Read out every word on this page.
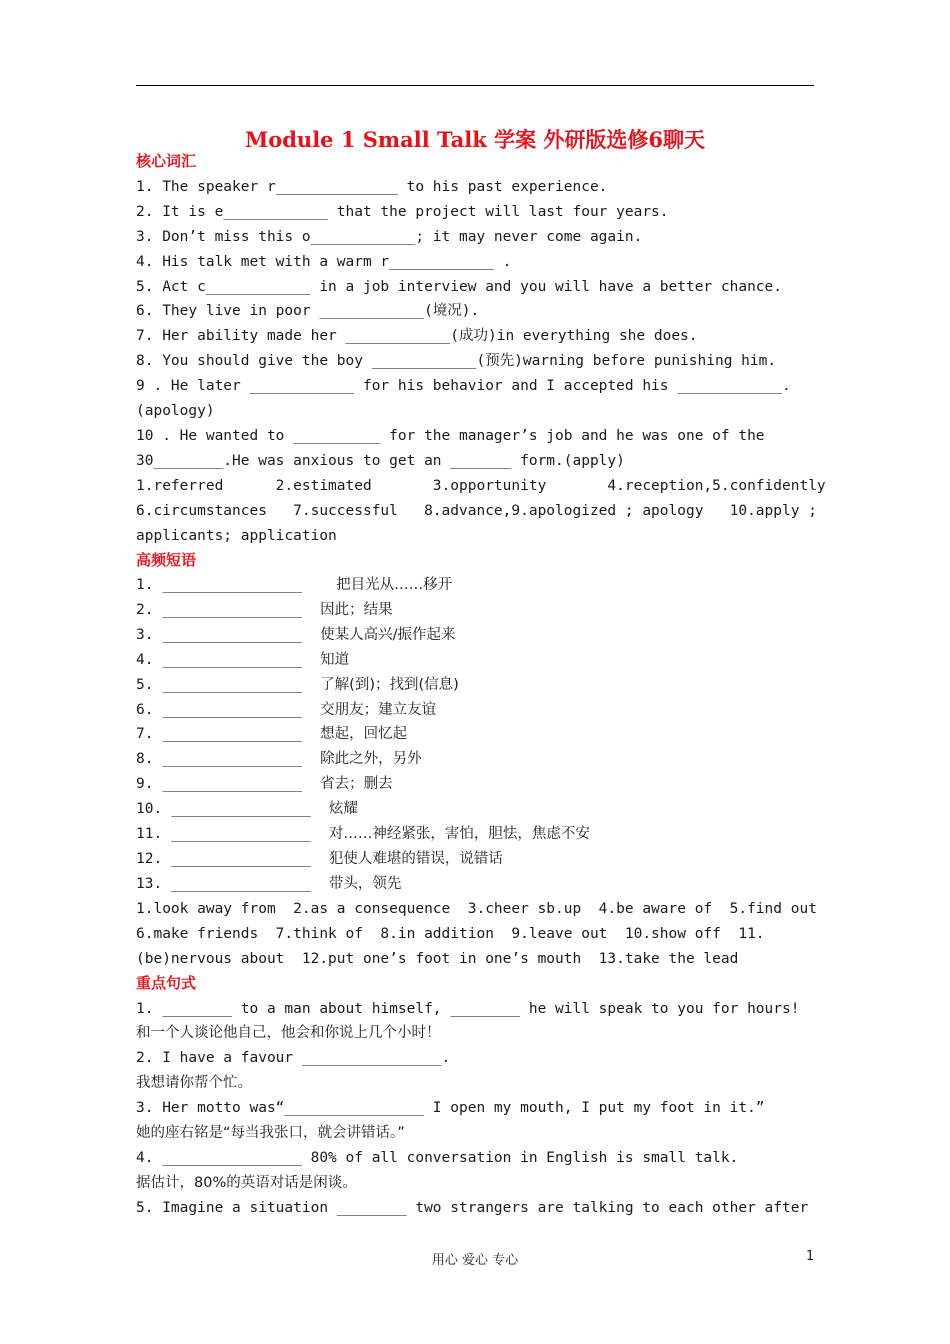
Module 1 Small Talk 学案 外研版选修6聊天
核心词汇
1. The speaker r______________ to his past experience.
2. It is e____________ that the project will last four years.
3. Don’t miss this o____________; it may never come again.
4. His talk met with a warm r____________ .
5. Act c____________ in a job interview and you will have a better chance.
6. They live in poor ____________(境况).
7. Her ability made her ____________(成功)in everything she does.
8. You should give the boy ____________(预先)warning before punishing him.
9 . He later ____________ for his behavior and I accepted his ____________.
(apology)
10 . He wanted to __________ for the manager’s job and he was one of the
30________.He was anxious to get an _______ form.(apply)
1.referred      2.estimated       3.opportunity       4.reception,5.confidently
6.circumstances   7.successful   8.advance,9.apologized ; apology   10.apply ;
applicants; application
高频短语
1. ________________ 把目光从……移开
2. ________________ 因此；结果
3. ________________ 使某人高兴/振作起来
4. ________________ 知道
5. ________________ 了解(到)；找到(信息)
6. ________________ 交朋友；建立友谊
7. ________________ 想起，回忆起
8. ________________ 除此之外，另外
9. ________________ 省去；删去
10. ________________ 炫耀
11. ________________ 对……神经紧张，害怕，胆怯，焦虑不安
12. ________________ 犯使人难堪的错误，说错话
13. ________________ 带头，领先
1.look away from  2.as a consequence  3.cheer sb.up  4.be aware of  5.find out
6.make friends  7.think of  8.in addition  9.leave out  10.show off  11.
(be)nervous about  12.put one’s foot in one’s mouth  13.take the lead
重点句式
1. ________ to a man about himself, ________ he will speak to you for hours!
和一个人谈论他自己，他会和你说上几个小时！
2. I have a favour ________________.
我想请你帮个忙。
3. Her motto was“________________ I open my mouth, I put my foot in it.”
她的座右铭是“每当我张口，就会讲错话。”
4. ________________ 80% of all conversation in English is small talk.
据估计，80%的英语对话是闲谈。
5. Imagine a situation ________ two strangers are talking to each other after
用心 爱心 专心	1
